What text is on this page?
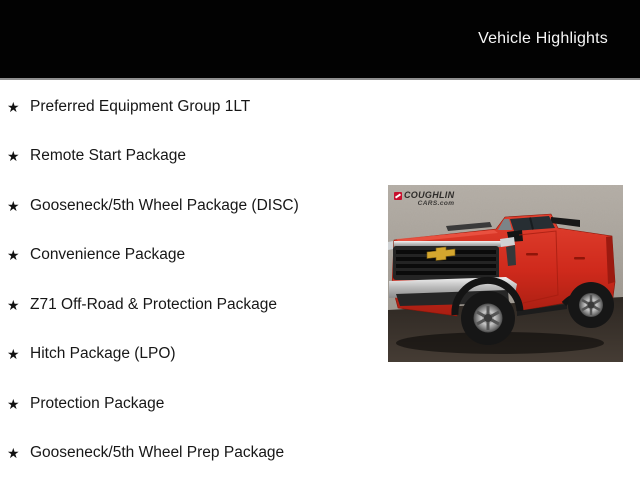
Vehicle Highlights
★ Preferred Equipment Group 1LT
★ Remote Start Package
★ Gooseneck/5th Wheel Package (DISC)
★ Convenience Package
★ Z71 Off-Road & Protection Package
★ Hitch Package (LPO)
★ Protection Package
★ Gooseneck/5th Wheel Prep Package
COUGHLIN
CARS.com
